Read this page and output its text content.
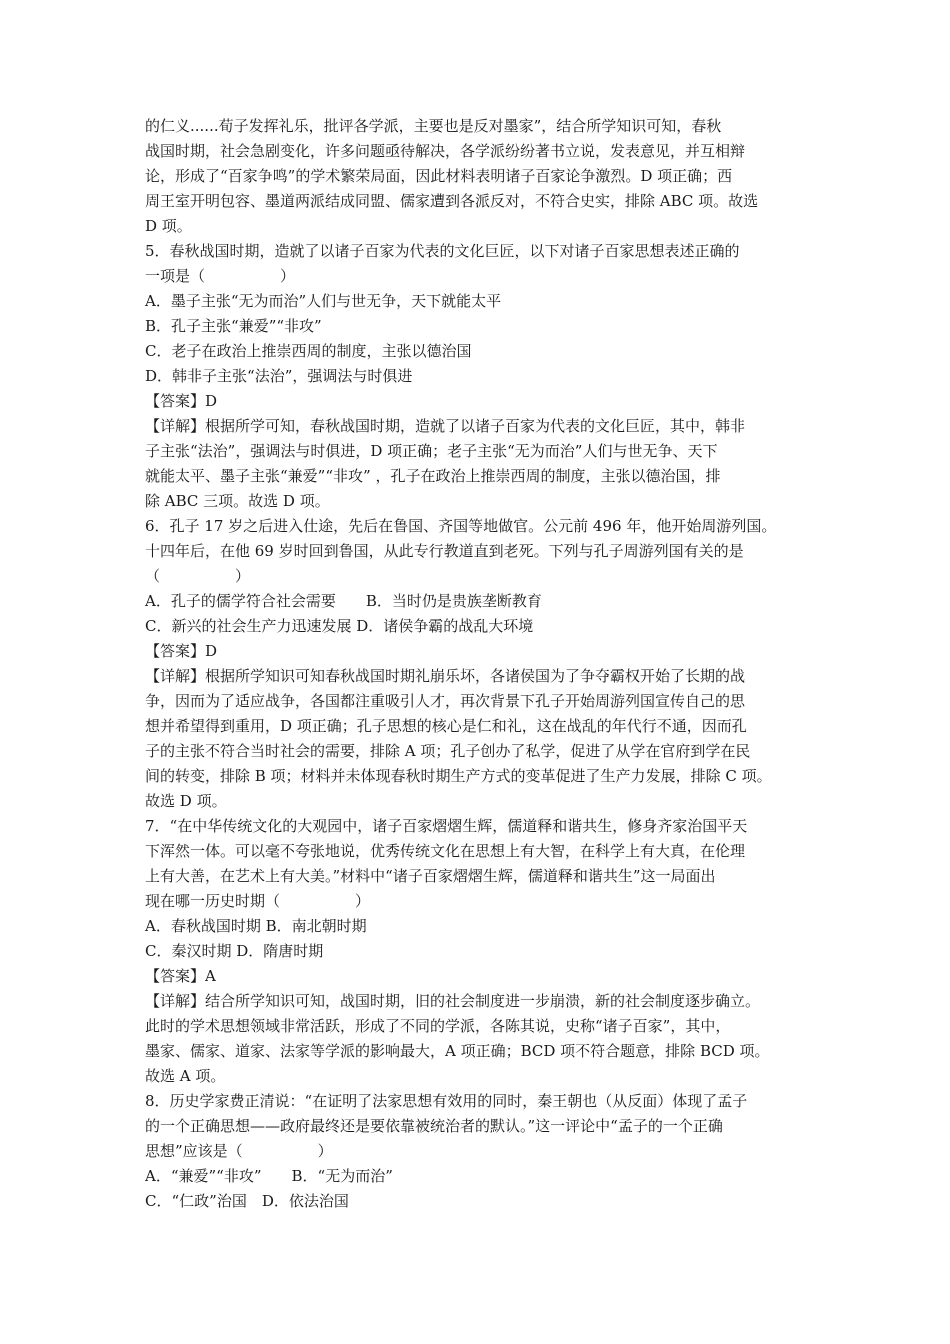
的仁义......荀子发挥礼乐，批评各学派，主要也是反对墨家”，结合所学知识可知，春秋
战国时期，社会急剧变化，许多问题亟待解决，各学派纷纷著书立说，发表意见，并互相辩
论，形成了“百家争鸣”的学术繁荣局面，因此材料表明诸子百家论争激烈。D 项正确；西
周王室开明包容、墨道两派结成同盟、儒家遭到各派反对，不符合史实，排除 ABC 项。故选
D 项。
5．春秋战国时期，造就了以诸子百家为代表的文化巨匠，以下对诸子百家思想表述正确的
一项是（　　　　　）
A．墨子主张“无为而治”人们与世无争，天下就能太平
B．孔子主张“兼爱”“非攻”
C．老子在政治上推崇西周的制度，主张以德治国
D．韩非子主张“法治”，强调法与时俱进
【答案】D
【详解】根据所学可知，春秋战国时期，造就了以诸子百家为代表的文化巨匠，其中，韩非
子主张“法治”，强调法与时俱进，D 项正确；老子主张“无为而治”人们与世无争、天下
就能太平、墨子主张“兼爱”“非攻” ，孔子在政治上推崇西周的制度，主张以德治国，排
除 ABC 三项。故选 D 项。
6．孔子 17 岁之后进入仕途，先后在鲁国、齐国等地做官。公元前 496 年，他开始周游列国。
十四年后，在他 69 岁时回到鲁国，从此专行教道直到老死。下列与孔子周游列国有关的是
（　　　　　）
A．孔子的儒学符合社会需要　　B．当时仍是贵族垄断教育
C．新兴的社会生产力迅速发展 D．诸侯争霸的战乱大环境
【答案】D
【详解】根据所学知识可知春秋战国时期礼崩乐坏，各诸侯国为了争夺霸权开始了长期的战
争，因而为了适应战争，各国都注重吸引人才，再次背景下孔子开始周游列国宣传自己的思
想并希望得到重用，D 项正确；孔子思想的核心是仁和礼，这在战乱的年代行不通，因而孔
子的主张不符合当时社会的需要，排除 A 项；孔子创办了私学，促进了从学在官府到学在民
间的转变，排除 B 项；材料并未体现春秋时期生产方式的变革促进了生产力发展，排除 C 项。
故选 D 项。
7．“在中华传统文化的大观园中，诸子百家熠熠生辉，儒道释和谐共生，修身齐家治国平天
下浑然一体。可以毫不夸张地说，优秀传统文化在思想上有大智，在科学上有大真，在伦理
上有大善，在艺术上有大美。”材料中“诸子百家熠熠生辉，儒道释和谐共生”这一局面出
现在哪一历史时期（　　　　　）
A．春秋战国时期 B．南北朝时期
C．秦汉时期 D．隋唐时期
【答案】A
【详解】结合所学知识可知，战国时期，旧的社会制度进一步崩溃，新的社会制度逐步确立。
此时的学术思想领域非常活跃，形成了不同的学派，各陈其说，史称“诸子百家”，其中，
墨家、儒家、道家、法家等学派的影响最大，A 项正确；BCD 项不符合题意，排除 BCD 项。
故选 A 项。
8．历史学家费正清说：“在证明了法家思想有效用的同时，秦王朝也（从反面）体现了孟子
的一个正确思想——政府最终还是要依靠被统治者的默认。”这一评论中“孟子的一个正确
思想”应该是（　　　　　）
A．“兼爱”“非攻”　　B．“无为而治”
C．“仁政”治国　D．依法治国
